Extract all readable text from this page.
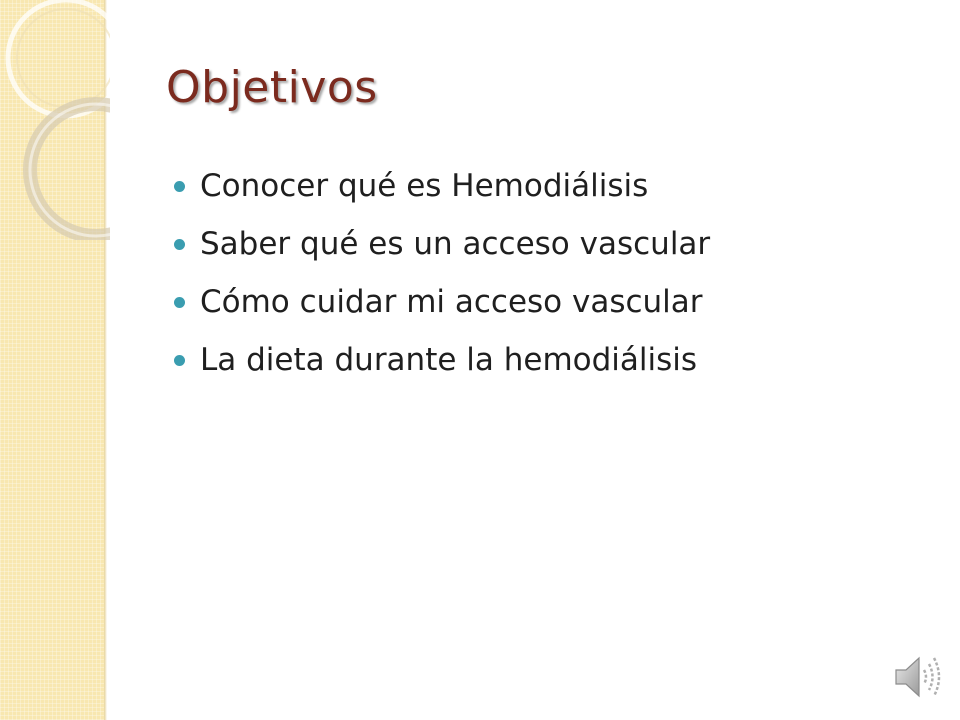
Objetivos
Conocer qué es Hemodiálisis
Saber qué es un acceso vascular
Cómo cuidar mi acceso vascular
La dieta durante la hemodiálisis
